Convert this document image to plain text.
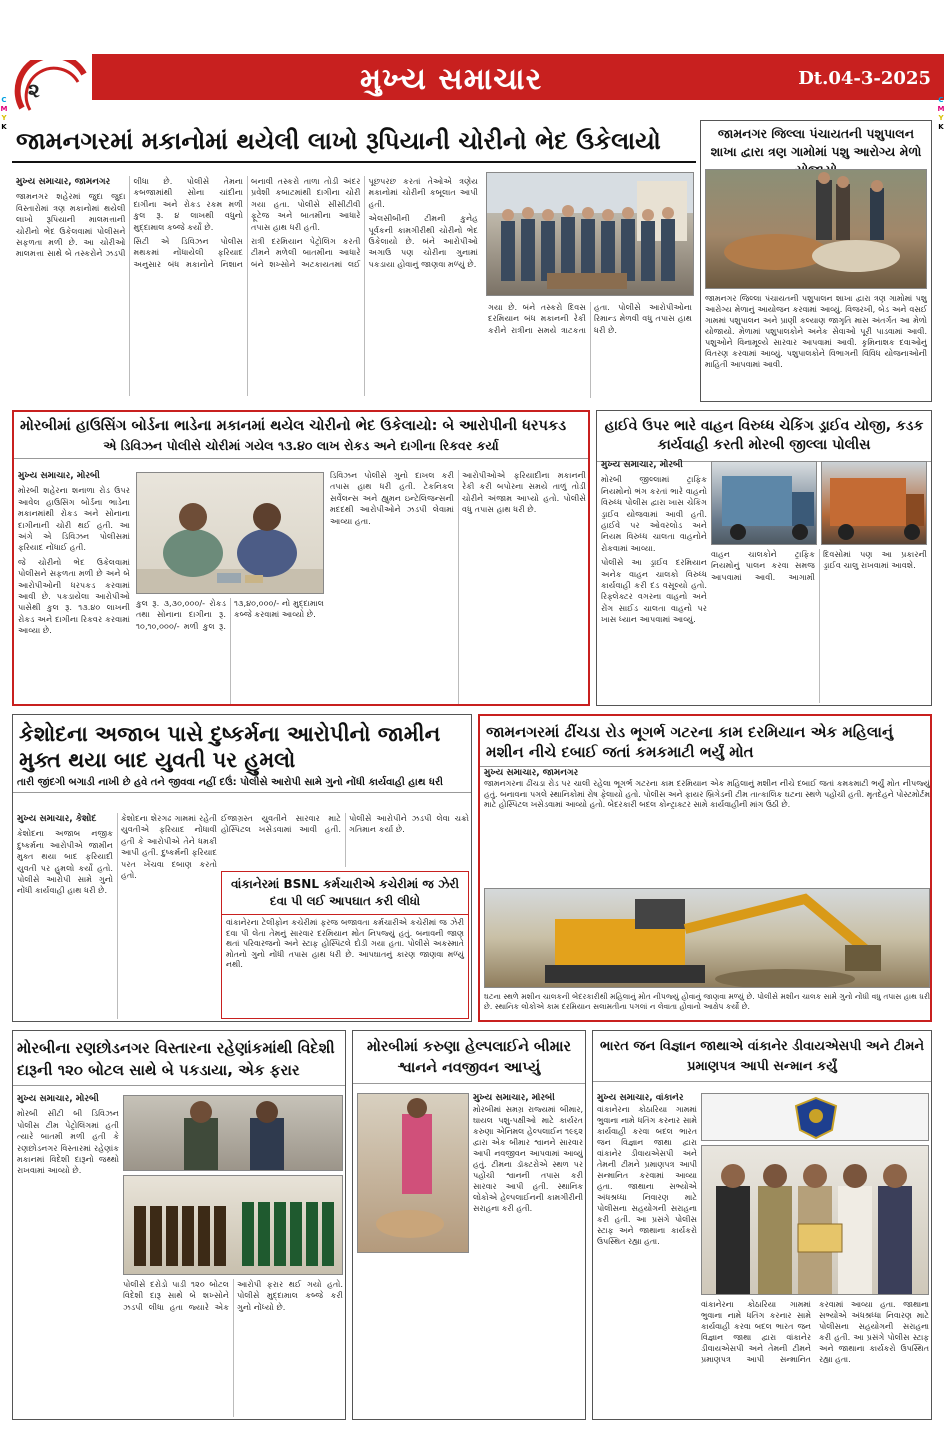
૨	મુખ્ય સમાચાર	Dt.04-3-2025
C
M
Y
K
C
M
Y
K
જામનગરમાં મકાનોમાં થયેલી લાખો રૂપિયાની ચોરીનો ભેદ ઉકેલાયો

મુખ્ય સમાચાર, જામનગર

જામનગર શહેરમાં જુદા જુદા વિસ્તારોમાં ત્રણ મકાનોમાં થયેલી લાખો રૂપિયાની માલમત્તાની ચોરીનો ભેદ ઉકેલવામાં પોલીસને સફળતા મળી છે. આ ચોરીઓ માલમત્તા સાથે બે તસ્કરોને ઝડપી લીધા છે. પોલીસે તેમના કબજામાંથી સોના ચાંદીના દાગીના અને રોકડ રકમ મળી કુલ રૂ. ૪ લાખથી વધુનો મુદ્દામાલ કબ્જે કર્યો છે.

સિટી એ ડિવિઝન પોલીસ મથકમાં નોંધાયેલી ફરિયાદ અનુસાર બંધ મકાનોને નિશાન બનાવી તસ્કરો તાળા તોડી અંદર પ્રવેશી કબાટમાંથી દાગીના ચોરી ગયા હતા. પોલીસે સીસીટીવી ફૂટેજ અને બાતમીના આધારે તપાસ હાથ ધરી હતી.

રાત્રી દરમિયાન પેટ્રોલિંગ કરતી ટીમને મળેલી બાતમીના આધારે બંને શખ્સોને અટકાયતમાં લઈ પૂછપરછ કરતાં તેઓએ ત્રણેય મકાનોમાં ચોરીની કબૂલાત આપી હતી.

એલસીબીની ટીમની કુનેહ પૂર્વકની કામગીરીથી ચોરીનો ભેદ ઉકેલાયો છે. બંને આરોપીઓ અગાઉ પણ ચોરીના ગુનામાં પકડાયા હોવાનું જાણવા મળ્યું છે.

ગયા છે. બંને તસ્કરો દિવસ દરમિયાન બંધ મકાનની રેકી કરીને રાત્રીના સમયે ત્રાટકતા હતા. પોલીસે આરોપીઓના રિમાન્ડ મેળવી વધુ તપાસ હાથ ધરી છે.

જામનગર જિલ્લા પંચાયતની પશુપાલન શાખા દ્વારા ત્રણ ગામોમાં પશુ આરોગ્ય મેળો
જામનગર જિલ્લા પંચાયતની પશુપાલન શાખા દ્વારા ત્રણ ગામોમાં પશુ આરોગ્ય મેળાનું આયોજન કરવામાં આવ્યું. વિજરખી, બેડ અને વસઈ ગામમાં પશુપાલન અને પ્રાણી કલ્યાણ જાગૃતિ માસ અંતર્ગત આ મેળો યોજાયો. મેળામાં પશુપાલકોને અનેક સેવાઓ પૂરી પાડવામાં આવી. પશુઓને વિનામૂલ્યે સારવાર આપવામાં આવી. કૃમિનાશક દવાઓનું વિતરણ કરવામાં આવ્યું. પશુપાલકોને વિભાગની વિવિધ યોજનાઓની માહિતી આપવામાં આવી.
મોરબીમાં હાઉસિંગ બોર્ડના ભાડેના મકાનમાં થયેલ ચોરીનો ભેદ ઉકેલાયો: બે આરોપીની ધરપકડ
એ ડિવિઝન પોલીસે ચોરીમાં ગયેલ ૧૩.૪૦ લાખ રોકડ અને દાગીના રિકવર કર્યા

મુખ્ય સમાચાર, મોરબી

મોરબી શહેરના શનાળા રોડ ઉપર આવેલ હાઉસિંગ બોર્ડના ભાડેના મકાનમાંથી રોકડ અને સોનાના દાગીનાની ચોરી થઈ હતી. આ અંગે એ ડિવિઝન પોલીસમાં ફરિયાદ નોંધાઈ હતી.

જે ચોરીનો ભેદ ઉકેલવામાં પોલીસને સફળતા મળી છે અને બે આરોપીઓની ધરપકડ કરવામાં આવી છે. પકડાયેલા આરોપીઓ પાસેથી કુલ રૂ. ૧૩.૪૦ લાખની રોકડ અને દાગીના રિકવર કરવામાં આવ્યા છે.

કુલ રૂ. ૩,૩૦,૦૦૦/- રોકડ તથા સોનાના દાગીના રૂ. ૧૦,૧૦,૦૦૦/- મળી કુલ રૂ. ૧૩,૪૦,૦૦૦/- નો મુદ્દામાલ કબ્જે કરવામાં આવ્યો છે.

ડિવિઝન પોલીસે ગુનો દાખલ કરી તપાસ હાથ ધરી હતી. ટેકનિકલ સર્વેલન્સ અને હ્યુમન ઇન્ટેલિજન્સની મદદથી આરોપીઓને ઝડપી લેવામાં આવ્યા હતા.

આરોપીઓએ ફરિયાદીના મકાનની રેકી કરી બપોરના સમયે તાળું તોડી ચોરીને અંજામ આપ્યો હતો. પોલીસે વધુ તપાસ હાથ ધરી છે.

હાઈવે ઉપર ભારે વાહન વિરુધ્ધ ચેકિંગ ડ્રાઈવ યોજી, કડક કાર્યવાહી કરતી મોરબી જીલ્લા પોલીસ

મુખ્ય સમાચાર, મોરબી

મોરબી જીલ્લામાં ટ્રાફિક નિયમોનો ભંગ કરતાં ભારે વાહનો વિરુધ્ધ પોલીસ દ્વારા ખાસ ચેકિંગ ડ્રાઈવ યોજવામાં આવી હતી. હાઈવે પર ઓવરલોડ અને નિયમ વિરુધ્ધ ચાલતા વાહનોને રોકવામાં આવ્યા.

પોલીસે આ ડ્રાઈવ દરમિયાન અનેક વાહન ચાલકો વિરુધ્ધ કાર્યવાહી કરી દંડ વસૂલ્યો હતો. રિફ્લેક્ટર વગરના વાહનો અને રોંગ સાઈડ ચાલતા વાહનો પર ખાસ ધ્યાન આપવામાં આવ્યું.

વાહન ચાલકોને ટ્રાફિક નિયમોનું પાલન કરવા સમજ આપવામાં આવી. આગામી દિવસોમાં પણ આ પ્રકારની ડ્રાઈવ ચાલુ રાખવામાં આવશે.

કેશોદના અજાબ પાસે દુષ્કર્મના આરોપીનો જામીન મુક્ત થયા બાદ યુવતી પર હુમલો
તારી જીંદગી બગાડી નાખી છે હવે તને જીવવા નહીં દઉં: પોલીસે આરોપી સામે ગુનો નોંધી કાર્યવાહી હાથ ધરી

મુખ્ય સમાચાર, કેશોદ

કેશોદના અજાબ નજીક દુષ્કર્મના આરોપીએ જામીન મુક્ત થયા બાદ ફરિયાદી યુવતી પર હુમલો કર્યો હતો. પોલીસે આરોપી સામે ગુનો નોંધી કાર્યવાહી હાથ ધરી છે.

કેશોદના શેરગઢ ગામમાં રહેતી યુવતીએ ફરિયાદ નોંધાવી હતી કે આરોપીએ તેને ધમકી આપી હતી. દુષ્કર્મની ફરિયાદ પરત ખેંચવા દબાણ કરતો હતો.

ઈજાગ્રસ્ત યુવતીને સારવાર માટે હોસ્પિટલ ખસેડવામાં આવી હતી. પોલીસે આરોપીને ઝડપી લેવા ચક્રો ગતિમાન કર્યા છે.

વાંકાનેરમાં BSNL કર્મચારીએ કચેરીમાં જ ઝેરી દવા પી લઈ આપઘાત કરી લીધો
વાંકાનેરના ટેલીફોન કચેરીમાં ફરજ બજાવતા કર્મચારીએ કચેરીમાં જ ઝેરી દવા પી લેતા તેમનું સારવાર દરમિયાન મોત નિપજ્યું હતું. બનાવની જાણ થતાં પરિવારજનો અને સ્ટાફ હોસ્પિટલે દોડી ગયા હતા. પોલીસે અકસ્માતે મોતનો ગુનો નોંધી તપાસ હાથ ધરી છે. આપઘાતનું કારણ જાણવા મળ્યું નથી.
જામનગરમાં ઢીંચડા રોડ ભૂગર્ભ ગટરના કામ દરમિયાન એક મહિલાનું મશીન નીચે દબાઈ જતાં કમકમાટી ભર્યું મોત
મુખ્ય સમાચાર, જામનગર
જામનગરના ઢીંચડા રોડ પર ચાલી રહેલા ભૂગર્ભ ગટરના કામ દરમિયાન એક મહિલાનું મશીન નીચે દબાઈ જતાં કમકમાટી ભર્યું મોત નીપજ્યું હતું. બનાવના પગલે સ્થાનિકોમાં રોષ ફેલાયો હતો. પોલીસ અને ફાયર બ્રિગેડની ટીમ તાત્કાલિક ઘટના સ્થળે પહોંચી હતી. મૃતદેહને પોસ્ટમોર્ટમ માટે હોસ્પિટલ ખસેડવામાં આવ્યો હતો. બેદરકારી બદલ કોન્ટ્રાક્ટર સામે કાર્યવાહીની માંગ ઉઠી છે.
ઘટના સ્થળે મશીન ચાલકની બેદરકારીથી મહિલાનું મોત નીપજ્યું હોવાનું જાણવા મળ્યું છે. પોલીસે મશીન ચાલક સામે ગુનો નોંધી વધુ તપાસ હાથ ધરી છે. સ્થાનિક લોકોએ કામ દરમિયાન સલામતીના પગલાં ન લેવાતા હોવાનો આક્ષેપ કર્યો છે.
મોરબીના રણછોડનગર વિસ્તારના રહેણાંકમાંથી વિદેશી દારૂની ૧૨૦ બોટલ સાથે બે પકડાયા, એક ફરાર

મુખ્ય સમાચાર, મોરબી

મોરબી સીટી બી ડિવિઝન પોલીસ ટીમ પેટ્રોલિંગમાં હતી ત્યારે બાતમી મળી હતી કે રણછોડનગર વિસ્તારમાં રહેણાંક મકાનમાં વિદેશી દારૂનો જથ્થો રાખવામાં આવ્યો છે.

પોલીસે દરોડો પાડી ૧૨૦ બોટલ વિદેશી દારૂ સાથે બે શખ્સોને ઝડપી લીધા હતા જ્યારે એક આરોપી ફરાર થઈ ગયો હતો. પોલીસે મુદ્દામાલ કબ્જે કરી ગુનો નોંધ્યો છે.

મોરબીમાં કરુણા હેલ્પલાઈને બીમાર શ્વાનને નવજીવન આપ્યું
મુખ્ય સમાચાર, મોરબી
મોરબીમાં સમગ્ર રાજ્યમાં બીમાર, ઘાયલ પશુ-પક્ષીઓ માટે કાર્યરત કરુણા એનિમલ હેલ્પલાઈન ૧૯૬૨ દ્વારા એક બીમાર શ્વાનને સારવાર આપી નવજીવન આપવામાં આવ્યું હતું. ટીમના ડૉક્ટરોએ સ્થળ પર પહોંચી શ્વાનની તપાસ કરી સારવાર આપી હતી. સ્થાનિક લોકોએ હેલ્પલાઈનની કામગીરીની સરાહના કરી હતી.
ભારત જન વિજ્ઞાન જાથાએ વાંકાનેર ડીવાયએસપી અને ટીમને પ્રમાણપત્ર આપી સન્માન કર્યું
મુખ્ય સમાચાર, વાંકાનેર
વાંકાનેરના કોઠારિયા ગામમાં ભુવાના નામે ધતિંગ કરનાર સામે કાર્યવાહી કરવા બદલ ભારત જન વિજ્ઞાન જાથા દ્વારા વાંકાનેર ડીવાયએસપી અને તેમની ટીમને પ્રમાણપત્ર આપી સન્માનિત કરવામાં આવ્યા હતા. જાથાના સભ્યોએ અંધશ્રધ્ધા નિવારણ માટે પોલીસના સહયોગની સરાહના કરી હતી. આ પ્રસંગે પોલીસ સ્ટાફ અને જાથાના કાર્યકરો ઉપસ્થિત રહ્યા હતા.
વાંકાનેરના કોઠારિયા ગામમાં ભુવાના નામે ધતિંગ કરનાર સામે કાર્યવાહી કરવા બદલ ભારત જન વિજ્ઞાન જાથા દ્વારા વાંકાનેર ડીવાયએસપી અને તેમની ટીમને પ્રમાણપત્ર આપી સન્માનિત કરવામાં આવ્યા હતા. જાથાના સભ્યોએ અંધશ્રધ્ધા નિવારણ માટે પોલીસના સહયોગની સરાહના કરી હતી. આ પ્રસંગે પોલીસ સ્ટાફ અને જાથાના કાર્યકરો ઉપસ્થિત રહ્યા હતા.
